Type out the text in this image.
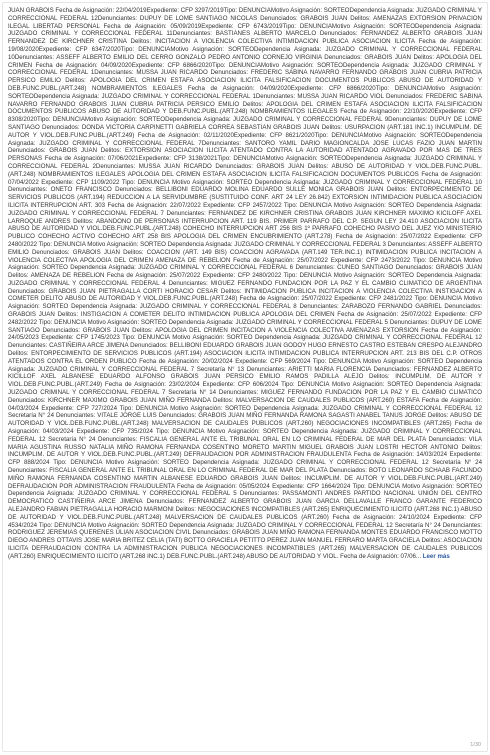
JUAN GRABOIS Fecha de Asignación: 22/04/2019Expediente: CFP 3297/2019Tipo: DENUNCIAMotivo Asignación: SORTEODependencia Asignada: JUZGADO CRIMINAL Y CORRECCIONAL FEDERAL 12Denunciantes: DUPUY DE LOME SANTIAGO NICOLAS Denunciados: GRABOIS JUAN Delitos: AMENAZAS EXTORSION PRIVACION ILEGAL LIBERTAD PERSONAL Fecha de Asignación: 05/09/2019Expediente: CFP 6743/2019Tipo: DENUNCIAMotivo Asignación: SORTEODependencia Asignada: JUZGADO CRIMINAL Y CORRECCIONAL FEDERAL 11Denunciantes: BASTIANES ALBERTO MARCELO Denunciados: FERNANDEZ ALBERTO GRABOIS JUAN FERNANDEZ DE KIRCHNER CRISTINA Delitos: INCITACION A VIOLENCIA COLECTIVA INTIMIDACION PUBLICA ASOCIACION ILICITA Fecha de Asignación: 19/08/2020Expediente: CFP 6347/2020Tipo: DENUNCIAMotivo Asignación: SORTEODependencia Asignada: JUZGADO CRIMINAL Y CORRECCIONAL FEDERAL 10Denunciantes: ASSEFF ALBERTO EMILIO DEL CERRO GONZALO PEDRO ANTONIO CORNEJO VIRGINIA Denunciados: GRABOIS JUAN Delitos: APOLOGIA DEL CRIMEN Fecha de Asignación: 04/09/2020Expediente: CFP 6866/2020Tipo: DENUNCIAMotivo Asignación: SORTEODependencia Asignada: JUZGADO CRIMINAL Y CORRECCIONAL FEDERAL 1Denunciantes: MUSSA JUAN RICARDO Denunciados: FREDERIC SABINA NAVARRO FERNANDO GRABOIS JUAN CUBRIA PATRICIA PERSICO EMILIO Delitos: APOLOGIA DEL CRIMEN ESTAFA ASOCIACION ILICITA FALSIFICACION DOCUMENTOS PUBLICOS ABUSO DE AUTORIDAD Y DEB.FUNC.PUBL.(ART.248) NOMBRAMIENTOS ILEGALES Fecha de Asignación: 04/09/2020Expediente: CFP 6866/2020Tipo: DENUNCIAMotivo Asignación: SORTEODependencia Asignada: JUZGADO CRIMINAL Y CORRECCIONAL FEDERAL 1Denunciantes: MUSSA JUAN RICARDO VIOL Denunciados: FREDERIC SABINA NAVARRO FERNANDO GRABOIS JUAN CUBRIA PATRICIA PERSICO EMILIO Delitos: APOLOGIA DEL CRIMEN ESTAFA ASOCIACION ILICITA FALSIFICACION DOCUMENTOS PUBLICOS ABUSO DE AUTORIDAD Y DEB.FUNC.PUBL.(ART.248) NOMBRAMIENTOS ILEGALES Fecha de Asignación: 22/10/2020Expediente: CFP 8308/2020Tipo: DENUNCIAMotivo Asignación: SORTEODependencia Asignada: JUZGADO CRIMINAL Y CORRECCIONAL FEDERAL 9Denunciantes: DUPUY DE LOME SANTIAGO Denunciados: DONDA VICTORIA CARPINETTI GABRIELA CORREA SEBASTIAN GRABOIS JUAN Delitos: USURPACION (ART.181 INC.1) INCUMPLIM. DE AUTOR Y VIOL.DEB.FUNC.PUBL.(ART.249) Fecha de Asignación: 02/11/2020Expediente: CFP 8621/2020Tipo: DENUNCIAMotivo Asignación: SORTEODependencia Asignada: JUZGADO CRIMINAL Y CORRECCIONAL FEDERAL 7Denunciantes: SANTORO YAMIL DARIO MAGIONCALDA JOSE LUCAS FAZIO JUAN MARTIN Denunciados: GRABOIS JUAN Delitos: EXTORSION ASOCIACION ILICITA ATENTADO CONTRA LA AUTORIDAD ATENTADO AGRAVADO POR MAS DE TRES PERSONAS Fecha de Asignación: 07/06/2021Expediente: CFP 3138/2021Tipo: DENUNCIAMotivo Asignación: SORTEODependencia Asignada: JUZGADO CRIMINAL Y CORRECCIONAL FEDERAL 2Denunciantes: MUSSA JUAN RICARDO Denunciados: GRABOIS JUAN Delitos: ABUSO DE AUTORIDAD Y VIOL.DEB.FUNC.PUBL.(ART.248) NOMBRAMIENTOS ILEGALES APOLOGIA DEL CRIMEN ESTAFA ASOCIACION ILICITA FALSIFICACION DOCUMENTOS PUBLICOS Fecha de Asignación: 07/04/2022 Expediente: CFP 1109/2022 Tipo: DENUNCIA Motivo Asignación: SORTEO Dependencia Asignada: JUZGADO CRIMINAL Y CORRECCIONAL FEDERAL 10 Denunciantes: ONETO FRANCISCO Denunciados: BELLIBONI EDUARDO MOLINA EDUARDO SULLE MONICA GRABOIS JUAN Delitos: ENTORPECIMIENTO DE SERVICIOS PUBLICOS (ART.194) REDUCCION A LA SERVIDUMBRE (SUSTITUIDO CONF. ART 24 LEY 26.842) EXTORSION INTIMIDACION PUBLICA ASOCIACION ILICITA INTERRUPCION ART. 303 Fecha de Asignación: 22/07/2022 Expediente: CFP 2457/2022 Tipo: DENUNCIA Motivo Asignación: SORTEO Dependencia Asignada: JUZGADO CRIMINAL Y CORRECCIONAL FEDERAL 7 Denunciantes: FERNANDEZ DE KIRCHNER CRISTINA GRABOIS JUAN KIRCHNER MAXIMO KICILOFF AXEL LARROQUE ANDRES Delitos: ABANDONO DE PERSONAS INTERRUPCION ART. 119 BIS. PRIMER PARRAFO DEL C.P. SEGUN LEY 24.410 ASOCIACION ILICITA ABUSO DE AUTORIDAD Y VIOL.DEB.FUNC.PUBL.(ART.248) COHECHO INTERRUPCION ART 256 BIS 1º PARRAFO COHECHO PASIVO DEL JUEZ Y/O MINISTERIO PUBLICO COHECHO ACTIVO COHECHO ART 258 BIS APOLOGIA DEL CRIMEN ENCUBRIMIENTO (ART.278) Fecha de Asignación: 25/07/2022 Expediente: CFP 2480/2022 Tipo: DENUNCIA Motivo Asignación: SORTEO Dependencia Asignada: JUZGADO CRIMINAL Y CORRECCIONAL FEDERAL 3 Denunciantes: ASSEFF ALBERTO EMILIO Denunciados: GRABOIS JUAN Delitos: COACCION (ART. 149 BIS) COACCION AGRAVADA (ART.149 TER.INC.1) INTIMIDACION PUBLICA INCITACION A VIOLENCIA COLECTIVA APOLOGIA DEL CRIMEN AMENAZA DE REBELION Fecha de Asignación: 25/07/2022 Expediente: CFP 2473/2022 Tipo: DENUNCIA Motivo Asignación: SORTEO Dependencia Asignada: JUZGADO CRIMINAL Y CORRECCIONAL FEDERAL 6 Denunciantes: CUNEO SANTIAGO Denunciados: GRABOIS JUAN Delitos: AMENAZA DE REBELION Fecha de Asignación: 25/07/2022 Expediente: CFP 2480/2022 Tipo: DENUNCIA Motivo Asignación: SORTEO Dependencia Asignada: JUZGADO CRIMINAL Y CORRECCIONAL FEDERAL 4 Denunciantes: MIGUEZ FERNANDO FUNDACION POR LA PAZ Y EL CAMBIO CLIMATICO DE ARGENTINA Denunciados: GRABOIS JUAN PIETRAGALLA CORTI HORACIO CESAR Delitos: INTIMIDACION PUBLICA INCITACION A VIOLENCIA COLECTIVA INSTIGACION A COMETER DELITO ABUSO DE AUTORIDAD Y VIOL.DEB.FUNC.PUBL.(ART.248) Fecha de Asignación: 25/07/2022 Expediente: CFP 2481/2022 Tipo: DENUNCIA Motivo Asignación: SORTEO Dependencia Asignada: JUZGADO CRIMINAL Y CORRECCIONAL FEDERAL 8 Denunciantes: ZARABOZO FERNANDO GABRIEL Denunciados: GRABOIS JUAN Delitos: INSTIGACION A COMETER DELITO INTIMIDACION PUBLICA APOLOGIA DEL CRIMEN Fecha de Asignación: 25/07/2022 Expediente: CFP 2482/2022 Tipo: DENUNCIA Motivo Asignación: SORTEO Dependencia Asignada: JUZGADO CRIMINAL Y CORRECCIONAL FEDERAL 5 Denunciantes: DUPUY DE LOME SANTIAGO Denunciados: GRABOIS JUAN Delitos: APOLOGIA DEL CRIMEN INCITACION A VIOLENCIA COLECTIVA AMENAZAS EXTORSION Fecha de Asignación: 24/05/2023 Expediente: CFP 1745/2023 Tipo: DENUNCIA Motivo Asignación: SORTEO Dependencia Asignada: JUZGADO CRIMINAL Y CORRECCIONAL FEDERAL 12 Denunciantes: CASTIÑEIRA ARCE JIMENA Denunciados: BELLIBONI EDUARDO GRABOIS JUAN GODOY HUGO ERNESTO CASTRO ESTEBAN CRESPO ALEJANDRO Delitos: ENTORPECIMIENTO DE SERVICIOS PUBLICOS (ART.194) ASOCIACION ILICITA INTIMIDACION PUBLICA INTERRUPCION ART. 213 BIS DEL C.P. OTROS ATENTADOS CONTRA EL ORDEN PUBLICO Fecha de Asignación: 20/02/2024 Expediente: CFP 569/2024 Tipo: DENUNCIA Motivo Asignación: SORTEO Dependencia Asignada: JUZGADO CRIMINAL Y CORRECCIONAL FEDERAL 7 Secretaría N° 13 Denunciantes: ARIETTI MARIA FLORENCIA Denunciados: FERNANDEZ ALBERTO KICILLOF AXEL ALBANESE EDUARDO ALFONSO GRABOIS JUAN PERSICO EMILIO RAMOS PADILLA ALEJO Delitos: INCUMPLIM. DE AUTOR Y VIOL.DEB.FUNC.PUBL.(ART.249) Fecha de Asignación: 23/02/2024 Expediente: CFP 606/2024 Tipo: DENUNCIA Motivo Asignación: SORTEO Dependencia Asignada: JUZGADO CRIMINAL Y CORRECCIONAL FEDERAL 7 Secretaría N° 14 Denunciantes: MIGUEZ FERNANDO FUNDACION POR LA PAZ Y EL CAMBIO CLIMATICO Denunciados: KIRCHNER MAXIMO GRABOIS JUAN MIÑO FERNANDA Delitos: MALVERSACION DE CAUDALES PUBLICOS (ART.260) ESTAFA Fecha de Asignación: 04/03/2024 Expediente: CFP 727/2024 Tipo: DENUNCIA Motivo Asignación: SORTEO Dependencia Asignada: JUZGADO CRIMINAL Y CORRECCIONAL FEDERAL 12 Secretaría N° 24 Denunciantes: VITALE JORGE LUIS Denunciados: GRABOIS JUAN MIÑO FERNANDA RAMONA SAGASTI ANABEL TANUS JORGE Delitos: ABUSO DE AUTORIDAD Y VIOL.DEB.FUNC.PUBL.(ART.248) MALVERSACION DE CAUDALES PUBLICOS (ART.260) NEGOCIACIONES INCOMPATIBLES (ART.265) Fecha de Asignación: 04/03/2024 Expediente: CFP 735/2024 Tipo: DENUNCIA Motivo Asignación: SORTEO Dependencia Asignada: JUZGADO CRIMINAL Y CORRECCIONAL FEDERAL 12 Secretaría N° 24 Denunciantes: FISCALIA GENERAL ANTE EL TRIBUNAL ORAL EN LO CRIMINAL FEDERAL DE MAR DEL PLATA Denunciados: VILA MARIA AGUSTINA RUSSO NATALIA MIÑO RAMONA FERNANDA COSENTINO MORETO MARTIN MIGUEL GRABOIS JUAN LOSTRI HECTOR ANTONIO Delitos: INCUMPLIM. DE AUTOR Y VIOL.DEB.FUNC.PUBL.(ART.249) DEFRAUDACION POR ADMINISTRACION FRAUDULENTA Fecha de Asignación: 14/03/2024 Expediente: CFP 888/2024 Tipo: DENUNCIA Motivo Asignación: SORTEO Dependencia Asignada: JUZGADO CRIMINAL Y CORRECCIONAL FEDERAL 12 Secretaría N° 24 Denunciantes: FISCALIA GENERAL ANTE EL TRIBUNAL ORAL EN LO CRIMINAL FEDERAL DE MAR DEL PLATA Denunciados: BOTO LEONARDO SCHAAB FACUNDO MIÑO RAMONA FERNANDA COSENTINO MARTIN ALBANESE EDUARDO GRABOIS JUAN Delitos: INCUMPLIM. DE AUTOR Y VIOL.DEB.FUNC.PUBL.(ART.249) DEFRAUDACION POR ADMINISTRACION FRAUDULENTA Fecha de Asignación: 05/05/2024 Expediente: CFP 1664/2024 Tipo: DENUNCIA Motivo Asignación: SORTEO Dependencia Asignada: JUZGADO CRIMINAL Y CORRECCIONAL FEDERAL 5 Denunciantes: PASSAMONTI ANDRES PARTIDO NACIONAL UNION DEL CENTRO DEMOCRATICO CASTIÑEIRA ARCE JIMENA Denunciados: FERNANDEZ ALBERTO GRABOIS JUAN GARCIA DELLAVALLE FRANCO GARANTE FEDERICO ALEJANDRO FABIAN PIETRAGALLA HORACIO MARMONI Delitos: NEGOCIACIONES INCOMPATIBLES (ART.265) ENRIQUECIMIENTO ILICITO (ART.268 INC.1) ABUSO DE AUTORIDAD Y VIOL.DEB.FUNC.PUBL.(ART.248) MALVERSACION DE CAUDALES PUBLICOS (ART.260) Fecha de Asignación: 24/10/2024 Expediente: CFP 4534/2024 Tipo: DENUNCIA Motivo Asignación: SORTEO Dependencia Asignada: JUZGADO CRIMINAL Y CORRECCIONAL FEDERAL 12 Secretaría N° 24 Denunciantes: RODRIGUEZ JEREMIAS QUERENES ULIAN ASOCIACION CIVIL Denunciados: GRABOIS JUAN MIÑO RAMONA FERNANDA MONTES EDUARDO FRANCISCO MOTTO DIEGO ANDRES OTTAVIS JOSE MARIA BRITEZ CELIA (TATI) BOTTO GRACIELA PETITTO PEREZ JUAN MANUEL FERRARO MARTA GRACIELA Delitos: ASOCIACION ILICITA DEFRAUDACION CONTRA LA ADMINISTRACION PUBLICA NEGOCIACIONES INCOMPATIBLES (ART.265) MALVERSACION DE CAUDALES PUBLICOS (ART.260) ENRIQUECIMIENTO ILICITO (ART.268 INC.1) DEB.FUNC.PUBL.(ART.248) ABUSO DE AUTORIDAD Y VIOL. Fecha de Asignación: 07/06... Leer más

1/30
